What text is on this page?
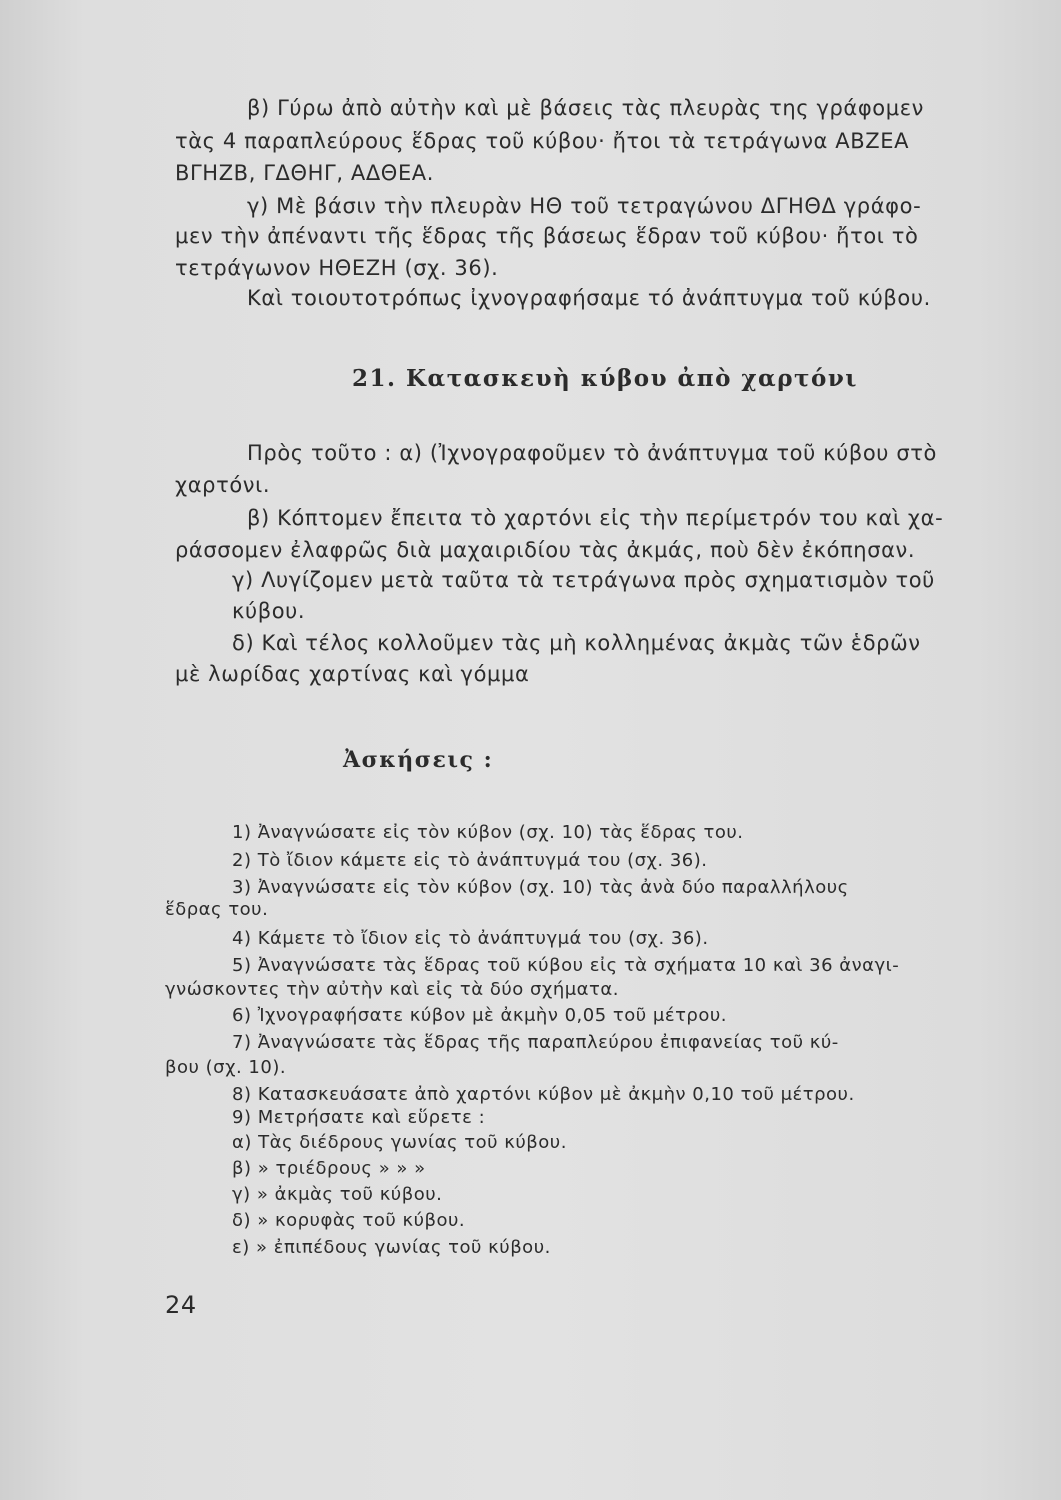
β) Γύρω ἀπὸ αὐτὴν καὶ μὲ βάσεις τὰς πλευρὰς της γράφομεν

τὰς 4 παραπλεύρους ἕδρας τοῦ κύβου· ἤτοι τὰ τετράγωνα ΑΒΖΕΑ

ΒΓΗΖΒ, ΓΔΘΗΓ, ΑΔΘΕΑ.

γ) Μὲ βάσιν τὴν πλευρὰν ΗΘ τοῦ τετραγώνου ΔΓΗΘΔ γράφο-

μεν τὴν ἀπέναντι τῆς ἕδρας τῆς βάσεως ἕδραν τοῦ κύβου· ἤτοι τὸ

τετράγωνον ΗΘΕΖΗ (σχ. 36).

Καὶ τοιουτοτρόπως ἰχνογραφήσαμε τό ἀνάπτυγμα τοῦ κύβου.

21. Κατασκευὴ κύβου ἀπὸ χαρτόνι

Πρὸς τοῦτο : α) (Ἰχνογραφοῦμεν τὸ ἀνάπτυγμα τοῦ κύβου στὸ

χαρτόνι.

β) Κόπτομεν ἔπειτα τὸ χαρτόνι εἰς τὴν περίμετρόν του καὶ χα-

ράσσομεν ἐλαφρῶς διὰ μαχαιριδίου τὰς ἀκμάς, ποὺ δὲν ἐκόπησαν.

γ) Λυγίζομεν μετὰ ταῦτα τὰ τετράγωνα πρὸς σχηματισμὸν τοῦ

κύβου.

δ) Καὶ τέλος κολλοῦμεν τὰς μὴ κολλημένας ἀκμὰς τῶν ἑδρῶν

μὲ λωρίδας χαρτίνας καὶ γόμμα

Ἀσκήσεις :

1) Ἀναγνώσατε εἰς τὸν κύβον (σχ. 10) τὰς ἕδρας του.

2) Τὸ ἴδιον κάμετε εἰς τὸ ἀνάπτυγμά του (σχ. 36).

3) Ἀναγνώσατε εἰς τὸν κύβον (σχ. 10) τὰς ἀνὰ δύο παραλλήλους

ἕδρας του.

4) Κάμετε τὸ ἴδιον εἰς τὸ ἀνάπτυγμά του (σχ. 36).

5) Ἀναγνώσατε τὰς ἕδρας τοῦ κύβου εἰς τὰ σχήματα 10 καὶ 36 ἀναγι-

γνώσκοντες τὴν αὐτὴν καὶ εἰς τὰ δύο σχήματα.

6) Ἰχνογραφήσατε κύβον μὲ ἀκμὴν 0,05 τοῦ μέτρου.

7) Ἀναγνώσατε τὰς ἕδρας τῆς παραπλεύρου ἐπιφανείας τοῦ κύ-

βου (σχ. 10).

8) Κατασκευάσατε ἀπὸ χαρτόνι κύβον μὲ ἀκμὴν 0,10 τοῦ μέτρου.

9) Μετρήσατε καὶ εὕρετε :

α) Τὰς διέδρους γωνίας τοῦ κύβου.

β) » τριέδρους » » »

γ) » ἀκμὰς τοῦ κύβου.

δ) » κορυφὰς τοῦ κύβου.

ε) » ἐπιπέδους γωνίας τοῦ κύβου.

24
